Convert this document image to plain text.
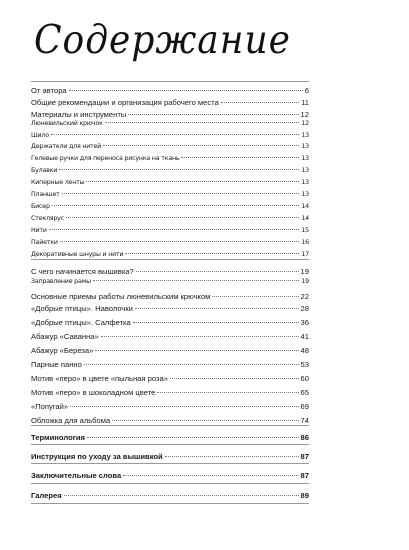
Содержание
От автора	6
Общие рекомендации и организация рабочего места	11
Материалы и инструменты	12
Люневильский крючок	12
Шило	13
Держатели для нитей	13
Гелевые ручки для переноса рисунка на ткань	13
Булавки	13
Киперные ленты	13
Планшет	13
Бисер	14
Стеклярус	14
Нити	15
Пайетки	16
Декоративные шнуры и нити	17
С чего начинается вышивка?	19
Заправление рамы	19
Основные приемы работы люневильским крючком	22
«Добрые птицы». Наволочки	28
«Добрые птицы». Салфетка	36
Абажур «Саванна»	41
Абажур «Береза»	48
Парные панно	53
Мотив «перо» в цвете «пыльная роза»	60
Мотив «перо» в шоколадном цвете	65
«Попугай»	69
Обложка для альбома	74
Терминология	86
Инструкция по уходу за вышивкой	87
Заключительные слова	87
Галерея	89
